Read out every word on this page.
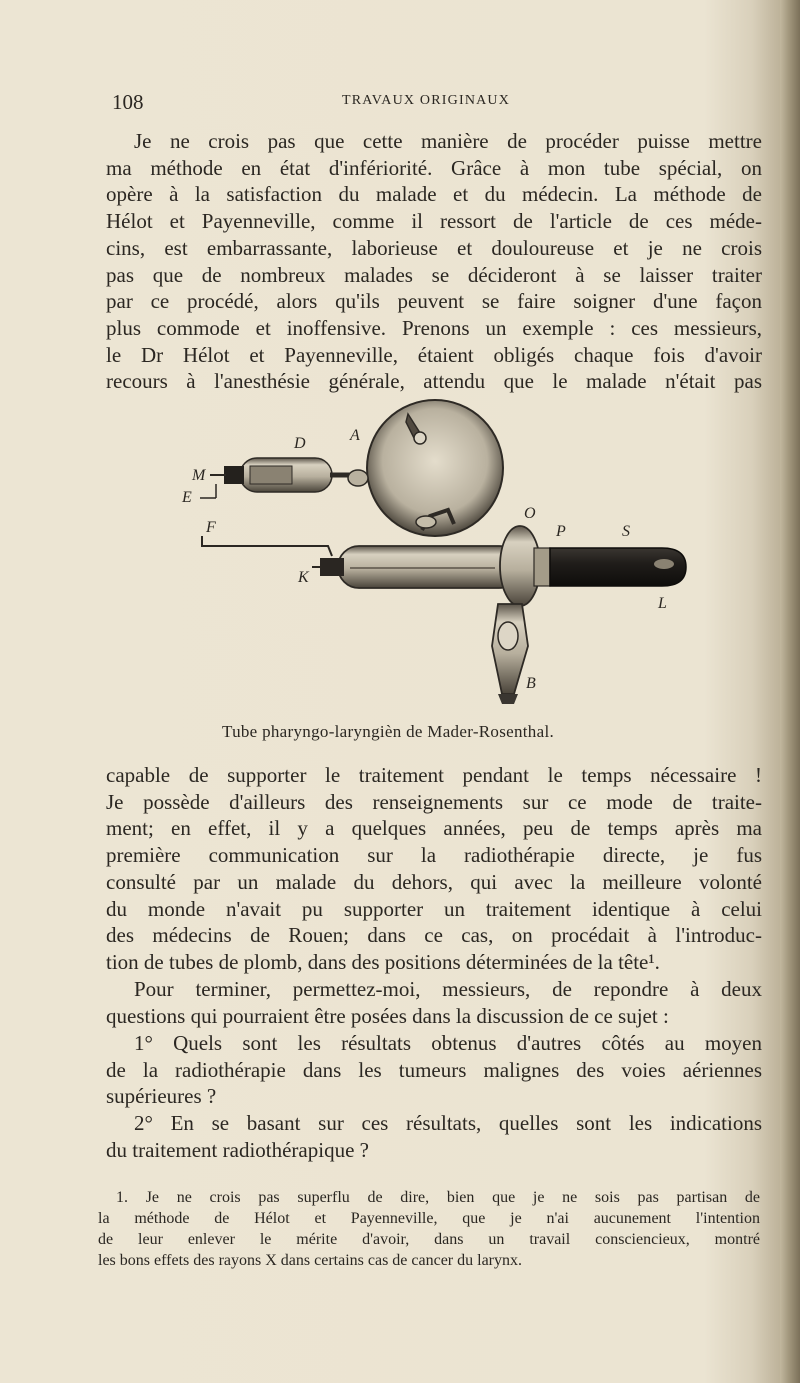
108	TRAVAUX ORIGINAUX
Je ne crois pas que cette manière de procéder puisse mettre
ma méthode en état d'infériorité. Grâce à mon tube spécial, on
opère à la satisfaction du malade et du médecin. La méthode de
Hélot et Payenneville, comme il ressort de l'article de ces méde-
cins, est embarrassante, laborieuse et douloureuse et je ne crois
pas que de nombreux malades se décideront à se laisser traiter
par ce procédé, alors qu'ils peuvent se faire soigner d'une façon
plus commode et inoffensive. Prenons un exemple : ces messieurs,
le Dr Hélot et Payenneville, étaient obligés chaque fois d'avoir
recours à l'anesthésie générale, attendu que le malade n'était pas
A
D
M
E
F
O
P	S
K
L
B
Tube pharyngo-laryngièn de Mader-Rosenthal.
capable de supporter le traitement pendant le temps nécessaire !
Je possède d'ailleurs des renseignements sur ce mode de traite-
ment; en effet, il y a quelques années, peu de temps après ma
première communication sur la radiothérapie directe, je fus
consulté par un malade du dehors, qui avec la meilleure volonté
du monde n'avait pu supporter un traitement identique à celui
des médecins de Rouen; dans ce cas, on procédait à l'introduc-
tion de tubes de plomb, dans des positions déterminées de la tête¹.
Pour terminer, permettez-moi, messieurs, de repondre à deux
questions qui pourraient être posées dans la discussion de ce sujet :
1° Quels sont les résultats obtenus d'autres côtés au moyen
de la radiothérapie dans les tumeurs malignes des voies aériennes
supérieures ?
2° En se basant sur ces résultats, quelles sont les indications
du traitement radiothérapique ?
1. Je ne crois pas superflu de dire, bien que je ne sois pas partisan de
la méthode de Hélot et Payenneville, que je n'ai aucunement l'intention
de leur enlever le mérite d'avoir, dans un travail consciencieux, montré
les bons effets des rayons X dans certains cas de cancer du larynx.
